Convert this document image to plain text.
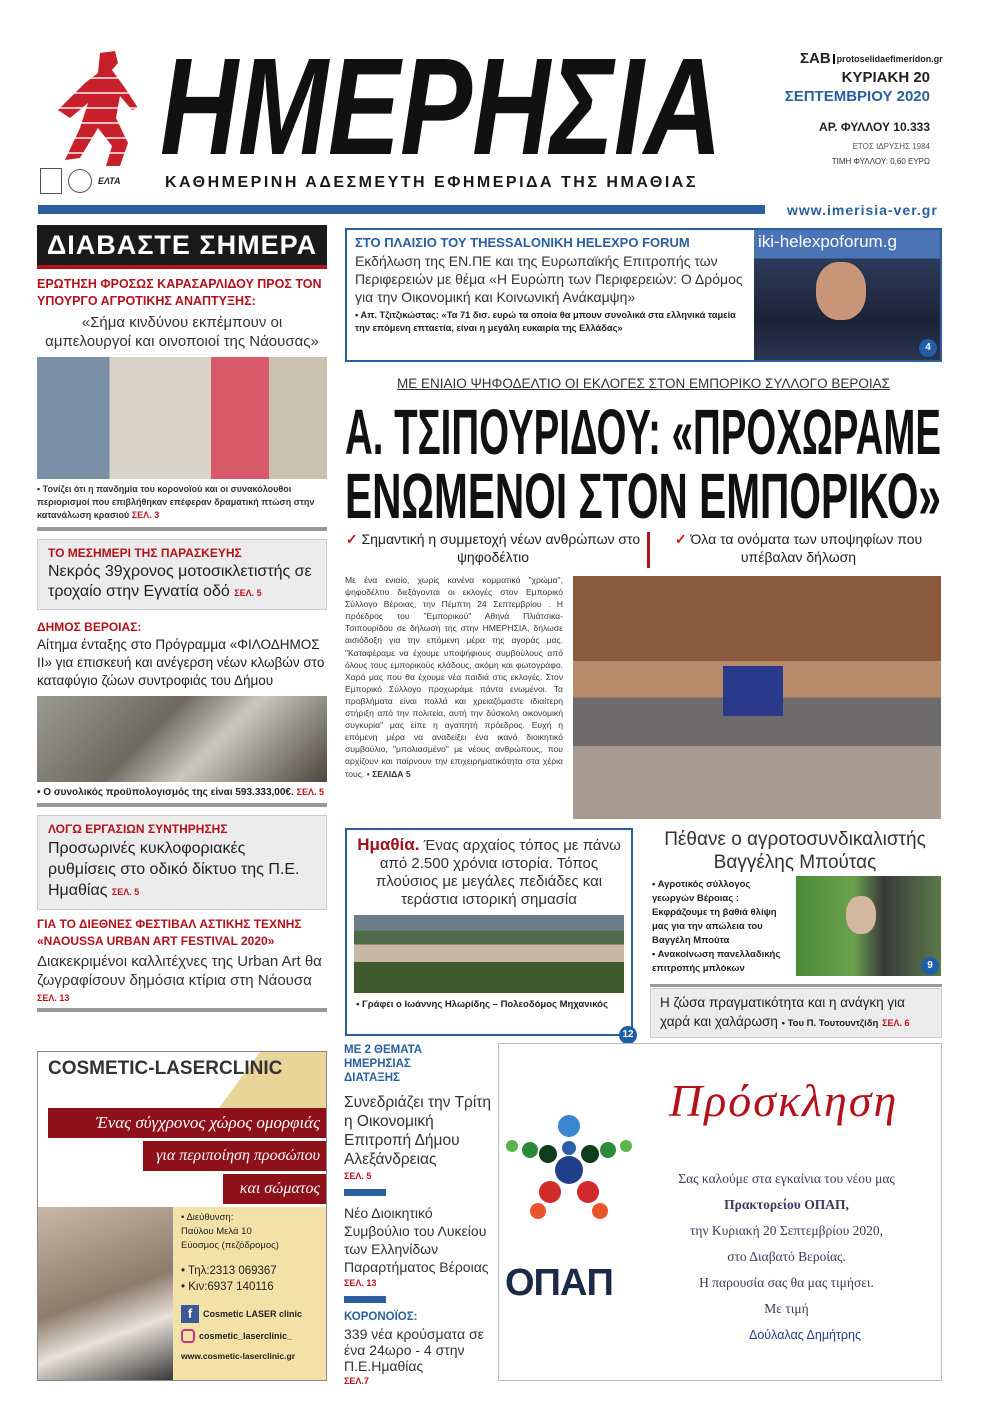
ΗΜΕΡΗΣΙΑ
ΕΛΤΑ	ΚΑΘΗΜΕΡΙΝΗ ΑΔΕΣΜΕΥΤΗ ΕΦΗΜΕΡΙΔΑ ΤΗΣ ΗΜΑΘΙΑΣ
ΣΑΒ protoselidaefimeridon.gr
ΚΥΡΙΑΚΗ 20
ΣΕΠΤΕΜΒΡΙΟΥ 2020
ΑΡ. ΦΥΛΛΟΥ 10.333
ΕΤΟΣ ΙΔΡΥΣΗΣ 1984
ΤΙΜΗ ΦΥΛΛΟΥ: 0,60 ΕΥΡΩ
www.imerisia-ver.gr
ΔΙΑΒΑΣΤΕ ΣΗΜΕΡΑ
ΕΡΩΤΗΣΗ ΦΡΟΣΩΣ ΚΑΡΑΣΑΡΛΙΔΟΥ ΠΡΟΣ ΤΟΝ ΥΠΟΥΡΓΟ ΑΓΡΟΤΙΚΗΣ ΑΝΑΠΤΥΞΗΣ:
«Σήμα κινδύνου εκπέμπουν οι αμπελουργοί και οινοποιοί της Νάουσας»
• Τονίζει ότι η πανδημία του κορονοϊού και οι συνακόλουθοι περιορισμοί που επιβλήθηκαν επέφεραν δραματική πτώση στην κατανάλωση κρασιού ΣΕΛ. 3
ΤΟ ΜΕΣΗΜΕΡΙ ΤΗΣ ΠΑΡΑΣΚΕΥΗΣ
Νεκρός 39χρονος μοτοσικλετιστής σε τροχαίο στην Εγνατία οδό ΣΕΛ. 5
ΔΗΜΟΣ ΒΕΡΟΙΑΣ:
Αίτημα ένταξης στο Πρόγραμμα «ΦΙΛΟΔΗΜΟΣ ΙΙ» για επισκευή και ανέγερση νέων κλωβών στο καταφύγιο ζώων συντροφιάς του Δήμου
• Ο συνολικός προϋπολογισμός της είναι 593.333,00€. ΣΕΛ. 5
ΛΟΓΩ ΕΡΓΑΣΙΩΝ ΣΥΝΤΗΡΗΣΗΣ
Προσωρινές κυκλοφοριακές ρυθμίσεις στο οδικό δίκτυο της Π.Ε. Ημαθίας ΣΕΛ. 5
ΓΙΑ ΤΟ ΔΙΕΘΝΕΣ ΦΕΣΤΙΒΑΛ ΑΣΤΙΚΗΣ ΤΕΧΝΗΣ
«NAOUSSA URBAN ART FESTIVAL 2020»
Διακεκριμένοι καλλιτέχνες της Urban Art θα ζωγραφίσουν δημόσια κτίρια στη Νάουσα
ΣΕΛ. 13
COSMETIC-LASERCLINIC
Ένας σύγχρονος χώρος ομορφιάς
για περιποίηση προσώπου
και σώματος
• Διεύθυνση:
Παύλου Μελά 10
Εύοσμος (πεζόδρομος)
• Τηλ:2313 069367
• Κιν:6937 140116
f	Cosmetic LASER clinic
cosmetic_laserclinic_
www.cosmetic-laserclinic.gr
ΣΤΟ ΠΛΑΙΣΙΟ ΤΟΥ THESSALONIKH HELEXPO FORUM
Εκδήλωση της ΕΝ.ΠΕ και της Ευρωπαϊκής Επιτροπής των Περιφερειών με θέμα «Η Ευρώπη των Περιφερειών: Ο Δρόμος για την Οικονομική και Κοινωνική Ανάκαμψη»
• Απ. Τζιτζικώστας: «Τα 71 δισ. ευρώ τα οποία θα μπουν συνολικά στα ελληνικά ταμεία την επόμενη επταετία, είναι η μεγάλη ευκαιρία της Ελλάδας»
iki-helexpoforum.g
4
ΜΕ ΕΝΙΑΙΟ ΨΗΦΟΔΕΛΤΙΟ ΟΙ ΕΚΛΟΓΕΣ ΣΤΟΝ ΕΜΠΟΡΙΚΟ ΣΥΛΛΟΓΟ ΒΕΡΟΙΑΣ
Α. ΤΣΙΠΟΥΡΙΔΟΥ: «ΠΡΟΧΩΡΑΜΕ
ΕΝΩΜΕΝΟΙ ΣΤΟΝ ΕΜΠΟΡΙΚΟ»
✓ Σημαντική η συμμετοχή νέων ανθρώπων στο ψηφοδέλτιο
✓ Όλα τα ονόματα των υποψηφίων που υπέβαλαν δήλωση
Με ένα ενιαίο, χωρίς κανένα κομματικό "χρώμα", ψηφοδέλτιο διεξάγονται οι εκλογές στον Εμπορικό Σύλλογο Βέροιας, την Πέμπτη 24 Σεπτεμβρίου . Η πρόεδρος του "Εμπορικού" Αθηνά Πλιάτσικα-Τσιπουρίδου σε δήλωση της στην ΗΜΕΡΗΣΙΑ, δήλωσε αισιόδοξη για την επόμενη μέρα της αγοράς μας. "Καταφέραμε να έχουμε υποψήφιους συμβούλους από όλους τους εμπορικούς κλάδους, ακόμη και φωτογράφο. Χαρά μας που θα έχουμε νέα παιδιά στις εκλογές. Στον Εμπορικό Σύλλογο προχωράμε πάντα ενωμένοι. Τα προβλήματα είναι πολλά και χρειαζόμαστε ιδιαίτερη στήριξη από την πολιτεία, αυτή την δύσκολη οικονομική συγκυρία" μας είπε η αγαπητή πρόεδρος. Ευχή η επόμενη μέρα να αναδείξει ένα ικανό διοικητικό συμβούλιο, "μπολιασμένο" με νέους ανθρώπους, που αρχίζουν και παίρνουν την επιχειρηματικότητα στα χέρια τους. • ΣΕΛΙΔΑ 5
Ημαθία. Ένας αρχαίος τόπος με πάνω από 2.500 χρόνια ιστορία. Τόπος πλούσιος με μεγάλες πεδιάδες και τεράστια ιστορική σημασία
• Γράφει ο Ιωάννης Ηλωρίδης – Πολεοδόμος Μηχανικός
12
Πέθανε ο αγροτοσυνδικαλιστής Βαγγέλης Μπούτας
• Αγροτικός σύλλογος γεωργών Βέροιας : Εκφράζουμε τη βαθιά θλίψη μας για την απώλεια του Βαγγέλη Μπούτα
• Ανακοίνωση πανελλαδικής επιτροπής μπλόκων	9
Η ζώσα πραγματικότητα και η ανάγκη για χαρά και χαλάρωση • Του Π. Τουτουντζίδη ΣΕΛ. 6
ΜΕ 2 ΘΕΜΑΤΑ ΗΜΕΡΗΣΙΑΣ ΔΙΑΤΑΞΗΣ
Συνεδριάζει την Τρίτη η Οικονομική Επιτροπή Δήμου Αλεξάνδρειας
ΣΕΛ. 5
Νέο Διοικητικό Συμβούλιο του Λυκείου των Ελληνίδων Παραρτήματος Βέροιας
ΣΕΛ. 13
ΚΟΡΟΝΟΪΟΣ:
339 νέα κρούσματα σε ένα 24ωρο - 4 στην Π.Ε.Ημαθίας
ΣΕΛ.7
ΟΠΑΠ
Πρόσκληση
Σας καλούμε στα εγκαίνια του νέου μας
Πρακτορείου ΟΠΑΠ,
την Κυριακή 20 Σεπτεμβρίου 2020,
στο Διαβατό Βεροίας.
Η παρουσία σας θα μας τιμήσει.
Με τιμή
Δούλαλας Δημήτρης
